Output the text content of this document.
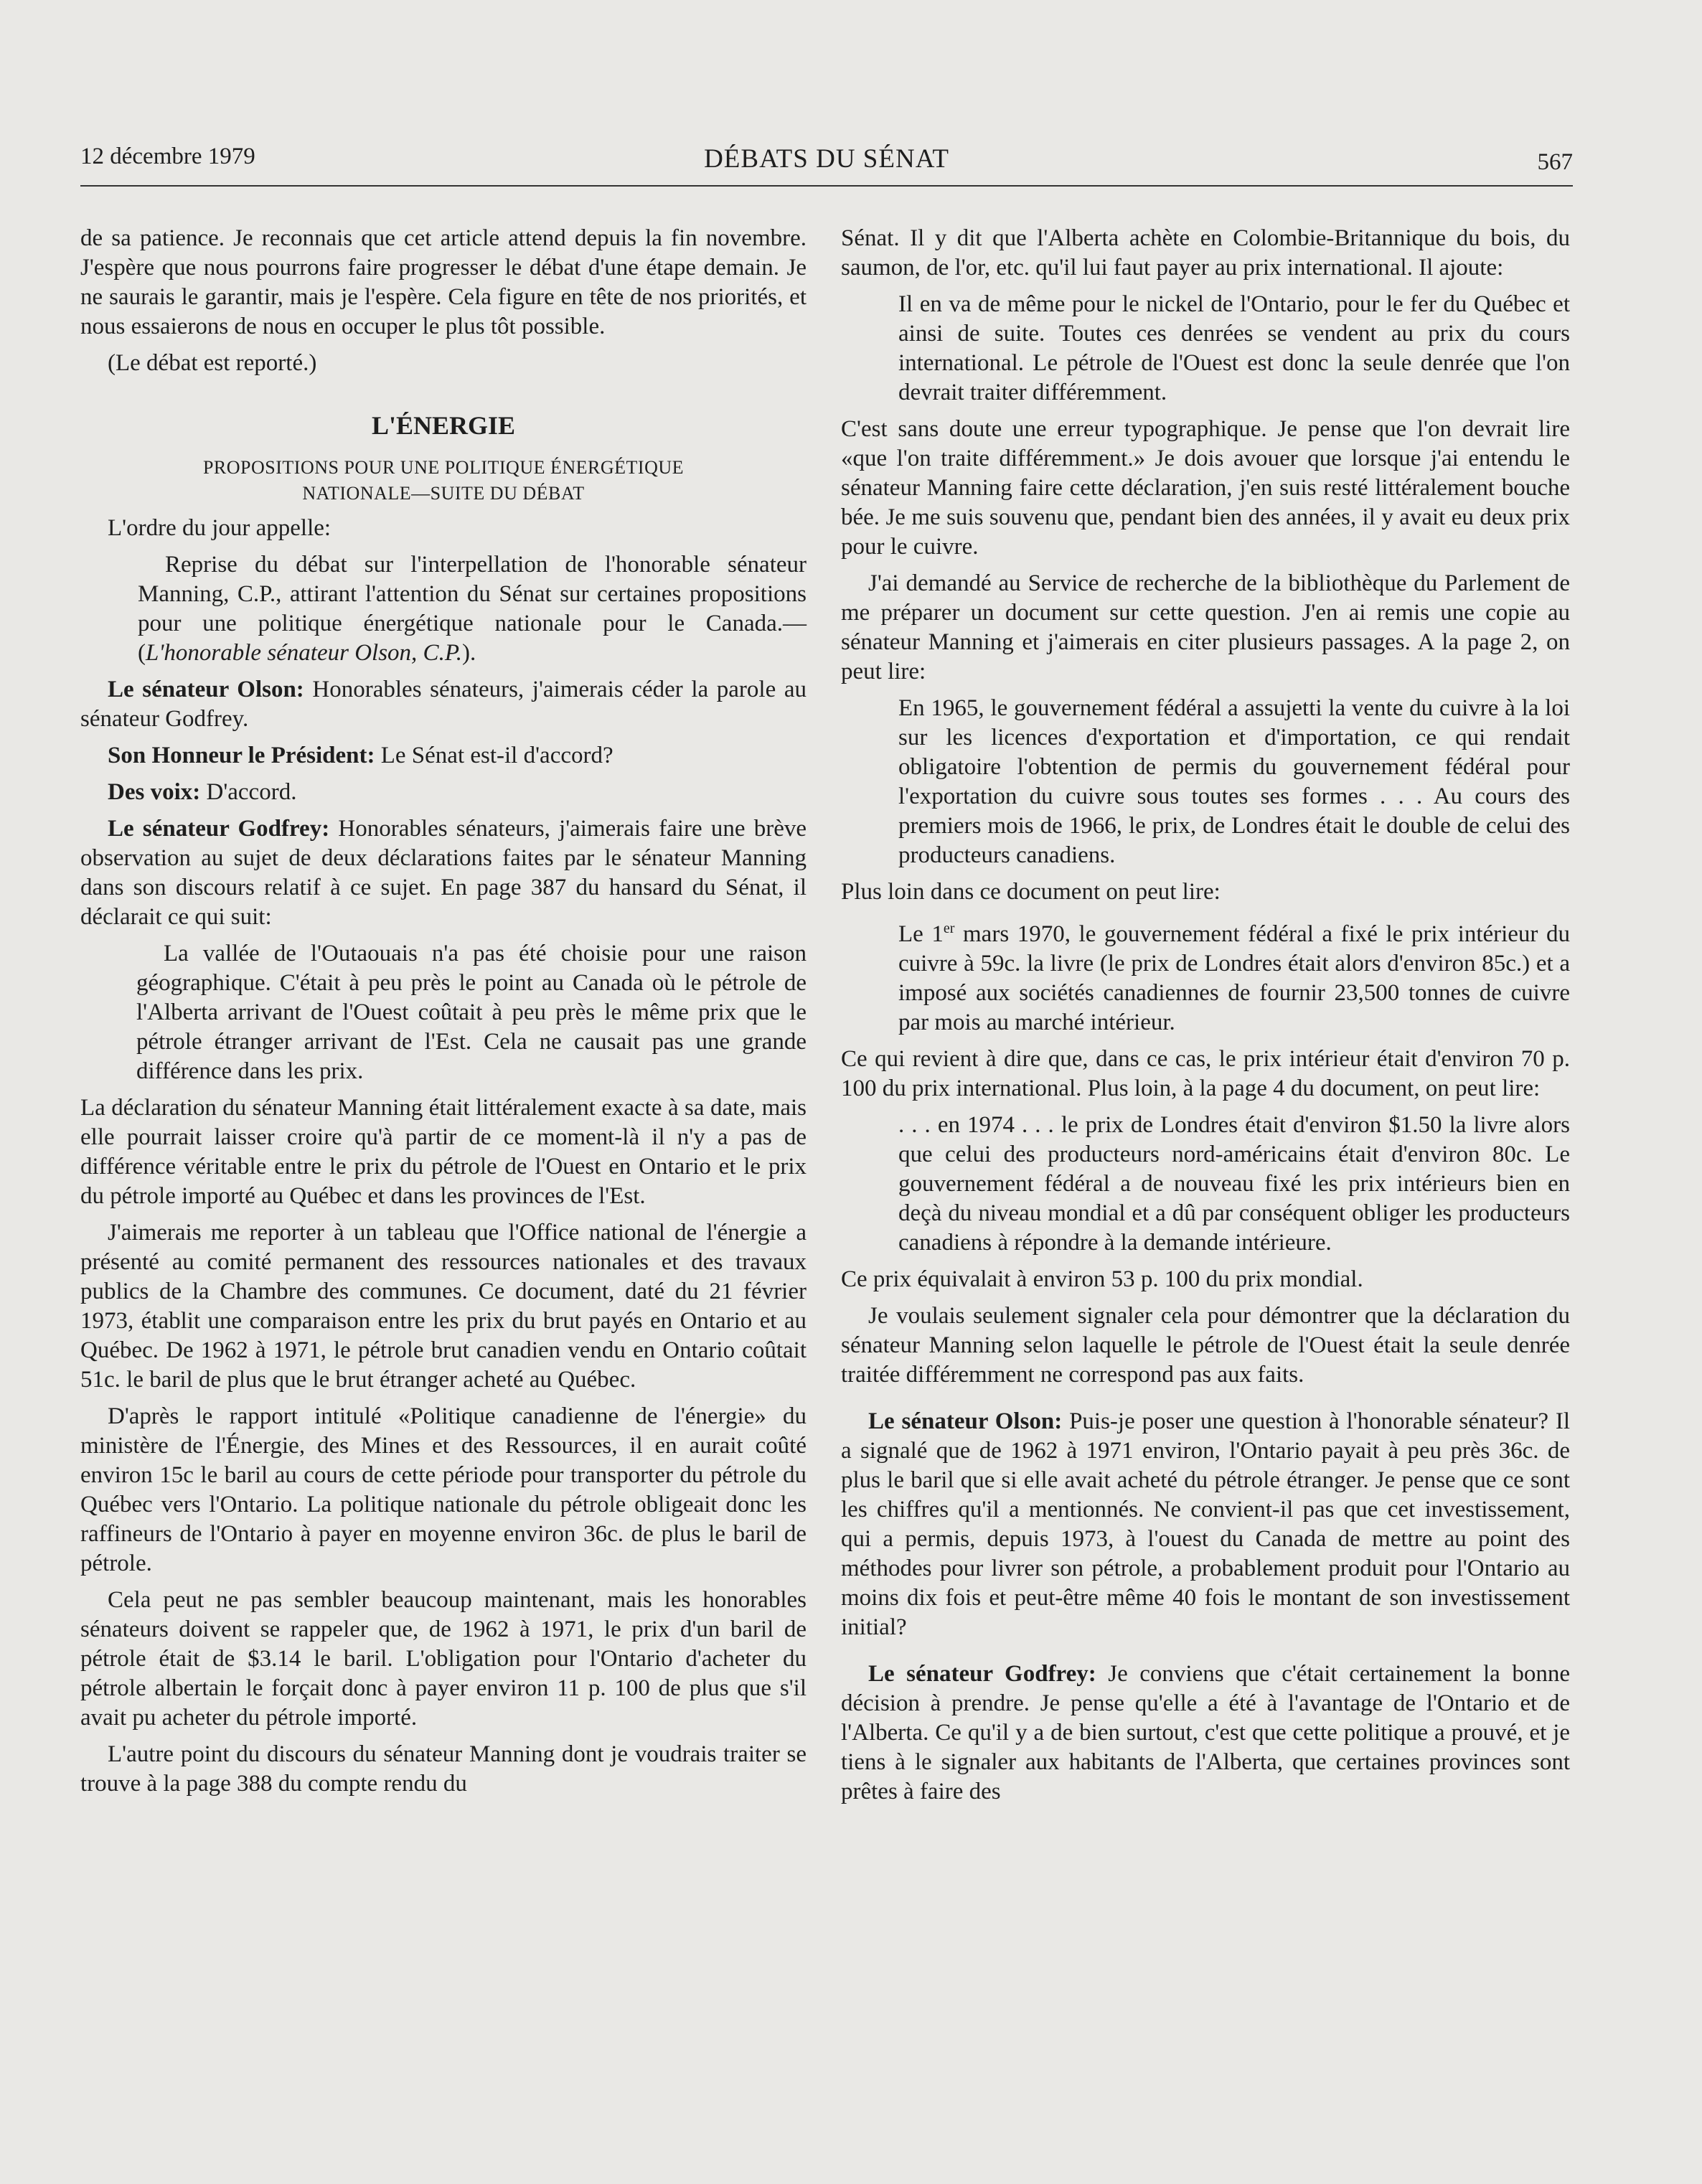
12 décembre 1979	DÉBATS DU SÉNAT	567

de sa patience. Je reconnais que cet article attend depuis la fin novembre. J'espère que nous pourrons faire progresser le débat d'une étape demain. Je ne saurais le garantir, mais je l'espère. Cela figure en tête de nos priorités, et nous essaierons de nous en occuper le plus tôt possible.

(Le débat est reporté.)

L'ÉNERGIE
PROPOSITIONS POUR UNE POLITIQUE ÉNERGÉTIQUE
NATIONALE—SUITE DU DÉBAT

L'ordre du jour appelle:

Reprise du débat sur l'interpellation de l'honorable sénateur Manning, C.P., attirant l'attention du Sénat sur certaines propositions pour une politique énergétique nationale pour le Canada.—(L'honorable sénateur Olson, C.P.).

Le sénateur Olson: Honorables sénateurs, j'aimerais céder la parole au sénateur Godfrey.

Son Honneur le Président: Le Sénat est-il d'accord?

Des voix: D'accord.

Le sénateur Godfrey: Honorables sénateurs, j'aimerais faire une brève observation au sujet de deux déclarations faites par le sénateur Manning dans son discours relatif à ce sujet. En page 387 du hansard du Sénat, il déclarait ce qui suit:

La vallée de l'Outaouais n'a pas été choisie pour une raison géographique. C'était à peu près le point au Canada où le pétrole de l'Alberta arrivant de l'Ouest coûtait à peu près le même prix que le pétrole étranger arrivant de l'Est. Cela ne causait pas une grande différence dans les prix.

La déclaration du sénateur Manning était littéralement exacte à sa date, mais elle pourrait laisser croire qu'à partir de ce moment-là il n'y a pas de différence véritable entre le prix du pétrole de l'Ouest en Ontario et le prix du pétrole importé au Québec et dans les provinces de l'Est.

J'aimerais me reporter à un tableau que l'Office national de l'énergie a présenté au comité permanent des ressources nationales et des travaux publics de la Chambre des communes. Ce document, daté du 21 février 1973, établit une comparaison entre les prix du brut payés en Ontario et au Québec. De 1962 à 1971, le pétrole brut canadien vendu en Ontario coûtait 51c. le baril de plus que le brut étranger acheté au Québec.

D'après le rapport intitulé «Politique canadienne de l'énergie» du ministère de l'Énergie, des Mines et des Ressources, il en aurait coûté environ 15c le baril au cours de cette période pour transporter du pétrole du Québec vers l'Ontario. La politique nationale du pétrole obligeait donc les raffineurs de l'Ontario à payer en moyenne environ 36c. de plus le baril de pétrole.

Cela peut ne pas sembler beaucoup maintenant, mais les honorables sénateurs doivent se rappeler que, de 1962 à 1971, le prix d'un baril de pétrole était de $3.14 le baril. L'obligation pour l'Ontario d'acheter du pétrole albertain le forçait donc à payer environ 11 p. 100 de plus que s'il avait pu acheter du pétrole importé.

L'autre point du discours du sénateur Manning dont je voudrais traiter se trouve à la page 388 du compte rendu du

Sénat. Il y dit que l'Alberta achète en Colombie-Britannique du bois, du saumon, de l'or, etc. qu'il lui faut payer au prix international. Il ajoute:

Il en va de même pour le nickel de l'Ontario, pour le fer du Québec et ainsi de suite. Toutes ces denrées se vendent au prix du cours international. Le pétrole de l'Ouest est donc la seule denrée que l'on devrait traiter différemment.

C'est sans doute une erreur typographique. Je pense que l'on devrait lire «que l'on traite différemment.» Je dois avouer que lorsque j'ai entendu le sénateur Manning faire cette déclaration, j'en suis resté littéralement bouche bée. Je me suis souvenu que, pendant bien des années, il y avait eu deux prix pour le cuivre.

J'ai demandé au Service de recherche de la bibliothèque du Parlement de me préparer un document sur cette question. J'en ai remis une copie au sénateur Manning et j'aimerais en citer plusieurs passages. A la page 2, on peut lire:

En 1965, le gouvernement fédéral a assujetti la vente du cuivre à la loi sur les licences d'exportation et d'importation, ce qui rendait obligatoire l'obtention de permis du gouvernement fédéral pour l'exportation du cuivre sous toutes ses formes . . . Au cours des premiers mois de 1966, le prix, de Londres était le double de celui des producteurs canadiens.

Plus loin dans ce document on peut lire:

Le 1er mars 1970, le gouvernement fédéral a fixé le prix intérieur du cuivre à 59c. la livre (le prix de Londres était alors d'environ 85c.) et a imposé aux sociétés canadiennes de fournir 23,500 tonnes de cuivre par mois au marché intérieur.

Ce qui revient à dire que, dans ce cas, le prix intérieur était d'environ 70 p. 100 du prix international. Plus loin, à la page 4 du document, on peut lire:

. . . en 1974 . . . le prix de Londres était d'environ $1.50 la livre alors que celui des producteurs nord-américains était d'environ 80c. Le gouvernement fédéral a de nouveau fixé les prix intérieurs bien en deçà du niveau mondial et a dû par conséquent obliger les producteurs canadiens à répondre à la demande intérieure.

Ce prix équivalait à environ 53 p. 100 du prix mondial.

Je voulais seulement signaler cela pour démontrer que la déclaration du sénateur Manning selon laquelle le pétrole de l'Ouest était la seule denrée traitée différemment ne correspond pas aux faits.

Le sénateur Olson: Puis-je poser une question à l'honorable sénateur? Il a signalé que de 1962 à 1971 environ, l'Ontario payait à peu près 36c. de plus le baril que si elle avait acheté du pétrole étranger. Je pense que ce sont les chiffres qu'il a mentionnés. Ne convient-il pas que cet investissement, qui a permis, depuis 1973, à l'ouest du Canada de mettre au point des méthodes pour livrer son pétrole, a probablement produit pour l'Ontario au moins dix fois et peut-être même 40 fois le montant de son investissement initial?

Le sénateur Godfrey: Je conviens que c'était certainement la bonne décision à prendre. Je pense qu'elle a été à l'avantage de l'Ontario et de l'Alberta. Ce qu'il y a de bien surtout, c'est que cette politique a prouvé, et je tiens à le signaler aux habitants de l'Alberta, que certaines provinces sont prêtes à faire des
